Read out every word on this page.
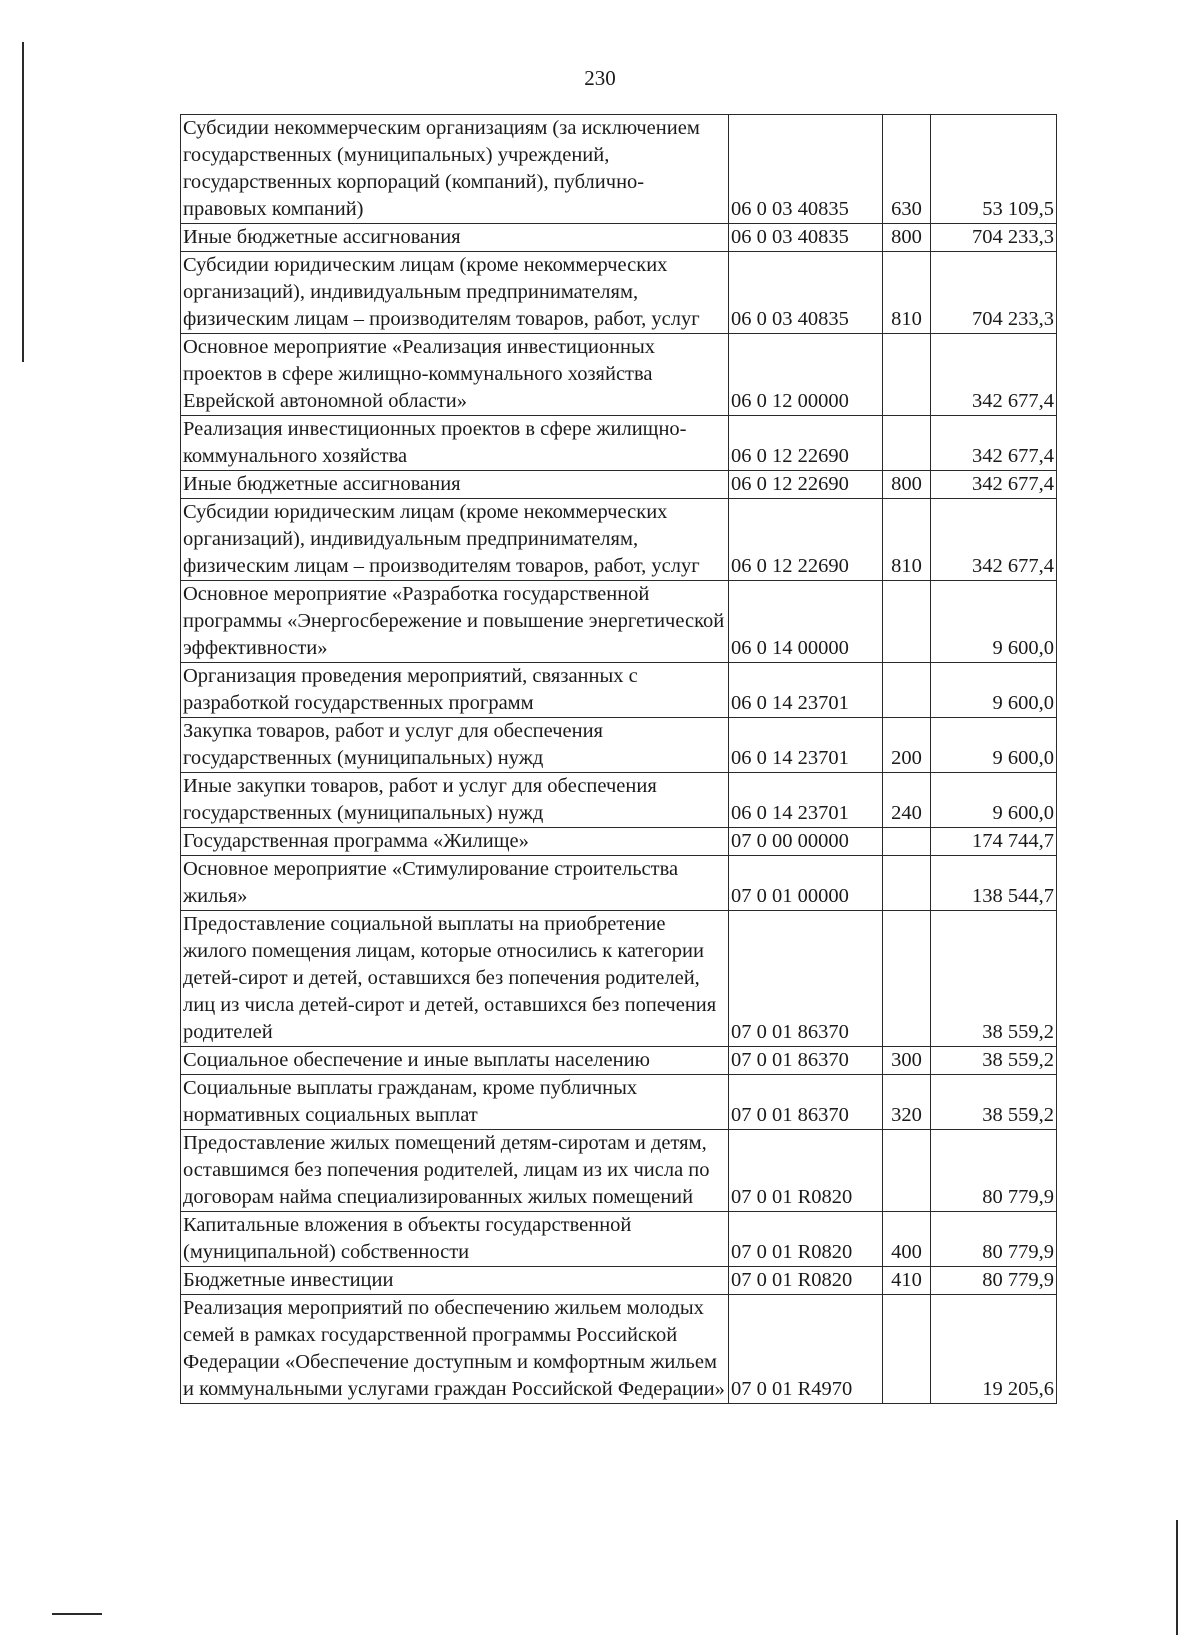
230
Субсидии некоммерческим организациям (за исключением государственных (муниципальных) учреждений, государственных корпораций (компаний), публично-правовых компаний)	06 0 03 40835	630	53 109,5
Иные бюджетные ассигнования	06 0 03 40835	800	704 233,3
Субсидии юридическим лицам (кроме некоммерческих организаций), индивидуальным предпринимателям, физическим лицам – производителям товаров, работ, услуг	06 0 03 40835	810	704 233,3
Основное мероприятие «Реализация инвестиционных проектов в сфере жилищно-коммунального хозяйства Еврейской автономной области»	06 0 12 00000		342 677,4
Реализация инвестиционных проектов в сфере жилищно-коммунального хозяйства	06 0 12 22690		342 677,4
Иные бюджетные ассигнования	06 0 12 22690	800	342 677,4
Субсидии юридическим лицам (кроме некоммерческих организаций), индивидуальным предпринимателям, физическим лицам – производителям товаров, работ, услуг	06 0 12 22690	810	342 677,4
Основное мероприятие «Разработка государственной программы «Энергосбережение и повышение энергетической эффективности»	06 0 14 00000		9 600,0
Организация проведения мероприятий, связанных с разработкой государственных программ	06 0 14 23701		9 600,0
Закупка товаров, работ и услуг для обеспечения государственных (муниципальных) нужд	06 0 14 23701	200	9 600,0
Иные закупки товаров, работ и услуг для обеспечения государственных (муниципальных) нужд	06 0 14 23701	240	9 600,0
Государственная программа «Жилище»	07 0 00 00000		174 744,7
Основное мероприятие «Стимулирование строительства жилья»	07 0 01 00000		138 544,7
Предоставление социальной выплаты на приобретение жилого помещения лицам, которые относились к категории детей-сирот и детей, оставшихся без попечения родителей, лиц из числа детей-сирот и детей, оставшихся без попечения родителей	07 0 01 86370		38 559,2
Социальное обеспечение и иные выплаты населению	07 0 01 86370	300	38 559,2
Социальные выплаты гражданам, кроме публичных нормативных социальных выплат	07 0 01 86370	320	38 559,2
Предоставление жилых помещений детям-сиротам и детям, оставшимся без попечения родителей, лицам из их числа по договорам найма специализированных жилых помещений	07 0 01 R0820		80 779,9
Капитальные вложения в объекты государственной (муниципальной) собственности	07 0 01 R0820	400	80 779,9
Бюджетные инвестиции	07 0 01 R0820	410	80 779,9
Реализация мероприятий по обеспечению жильем молодых семей в рамках государственной программы Российской Федерации «Обеспечение доступным и комфортным жильем и коммунальными услугами граждан Российской Федерации»	07 0 01 R4970		19 205,6
